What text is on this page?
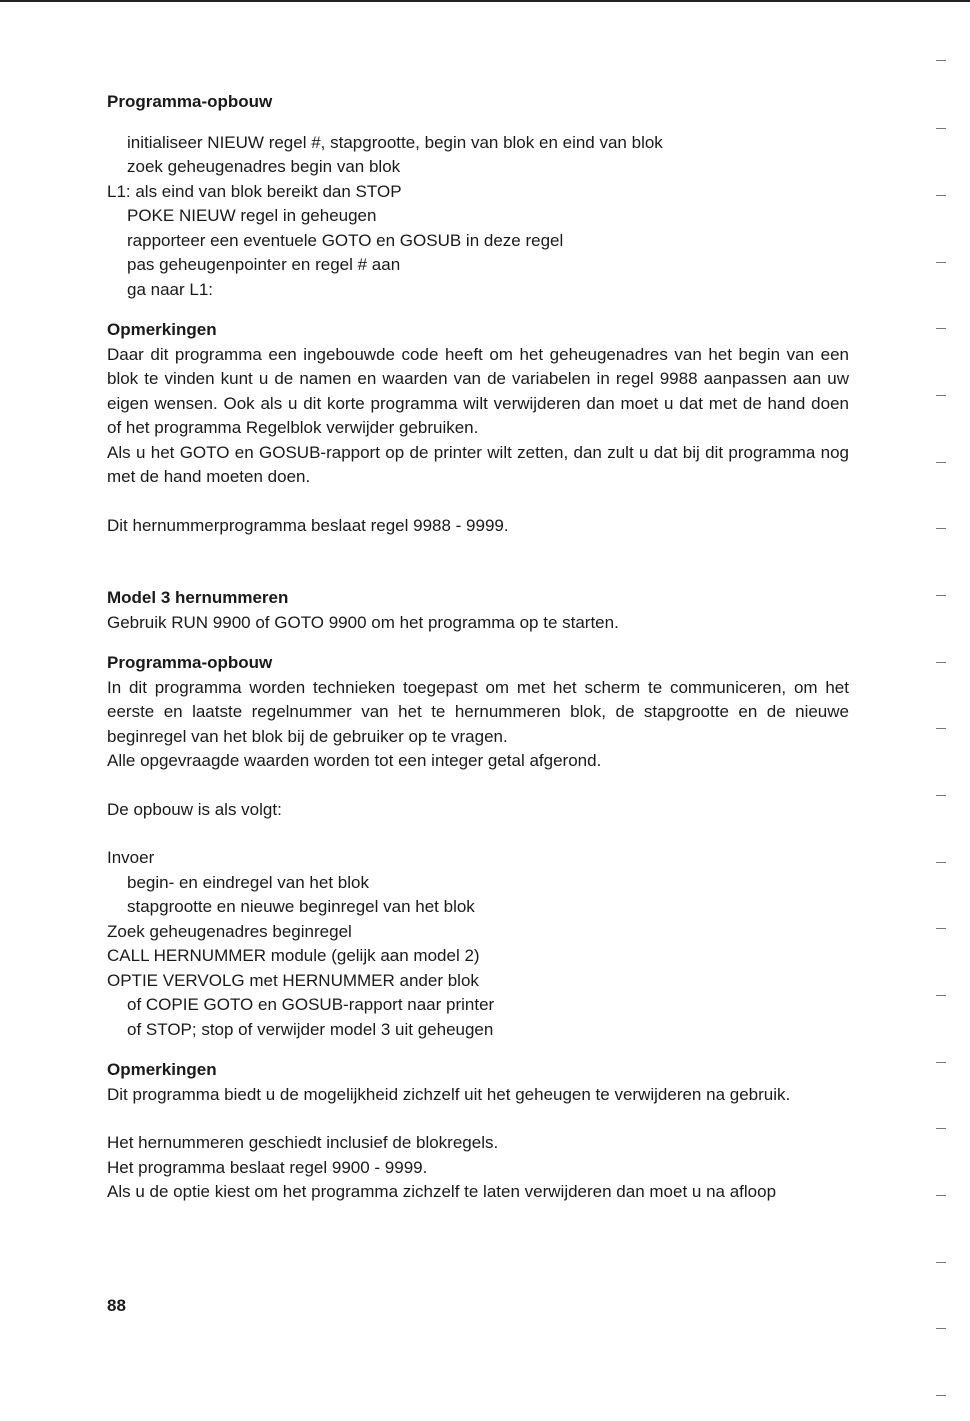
Programma-opbouw

initialiseer NIEUW regel #, stapgrootte, begin van blok en eind van blok

zoek geheugenadres begin van blok

L1: als eind van blok bereikt dan STOP

POKE NIEUW regel in geheugen

rapporteer een eventuele GOTO en GOSUB in deze regel

pas geheugenpointer en regel # aan

ga naar L1:

Opmerkingen

Daar dit programma een ingebouwde code heeft om het geheugenadres van het begin van een blok te vinden kunt u de namen en waarden van de variabelen in regel 9988 aanpassen aan uw eigen wensen. Ook als u dit korte programma wilt verwijderen dan moet u dat met de hand doen of het programma Regelblok verwijder gebruiken.

Als u het GOTO en GOSUB-rapport op de printer wilt zetten, dan zult u dat bij dit programma nog met de hand moeten doen.

Dit hernummerprogramma beslaat regel 9988 - 9999.

Model 3 hernummeren

Gebruik RUN 9900 of GOTO 9900 om het programma op te starten.

Programma-opbouw

In dit programma worden technieken toegepast om met het scherm te communiceren, om het eerste en laatste regelnummer van het te hernummeren blok, de stapgrootte en de nieuwe beginregel van het blok bij de gebruiker op te vragen.

Alle opgevraagde waarden worden tot een integer getal afgerond.

De opbouw is als volgt:

Invoer

begin- en eindregel van het blok

stapgrootte en nieuwe beginregel van het blok

Zoek geheugenadres beginregel

CALL HERNUMMER module (gelijk aan model 2)

OPTIE VERVOLG met HERNUMMER ander blok

of COPIE GOTO en GOSUB-rapport naar printer

of STOP; stop of verwijder model 3 uit geheugen

Opmerkingen

Dit programma biedt u de mogelijkheid zichzelf uit het geheugen te verwijderen na gebruik.

Het hernummeren geschiedt inclusief de blokregels.

Het programma beslaat regel 9900 - 9999.

Als u de optie kiest om het programma zichzelf te laten verwijderen dan moet u na afloop

88
